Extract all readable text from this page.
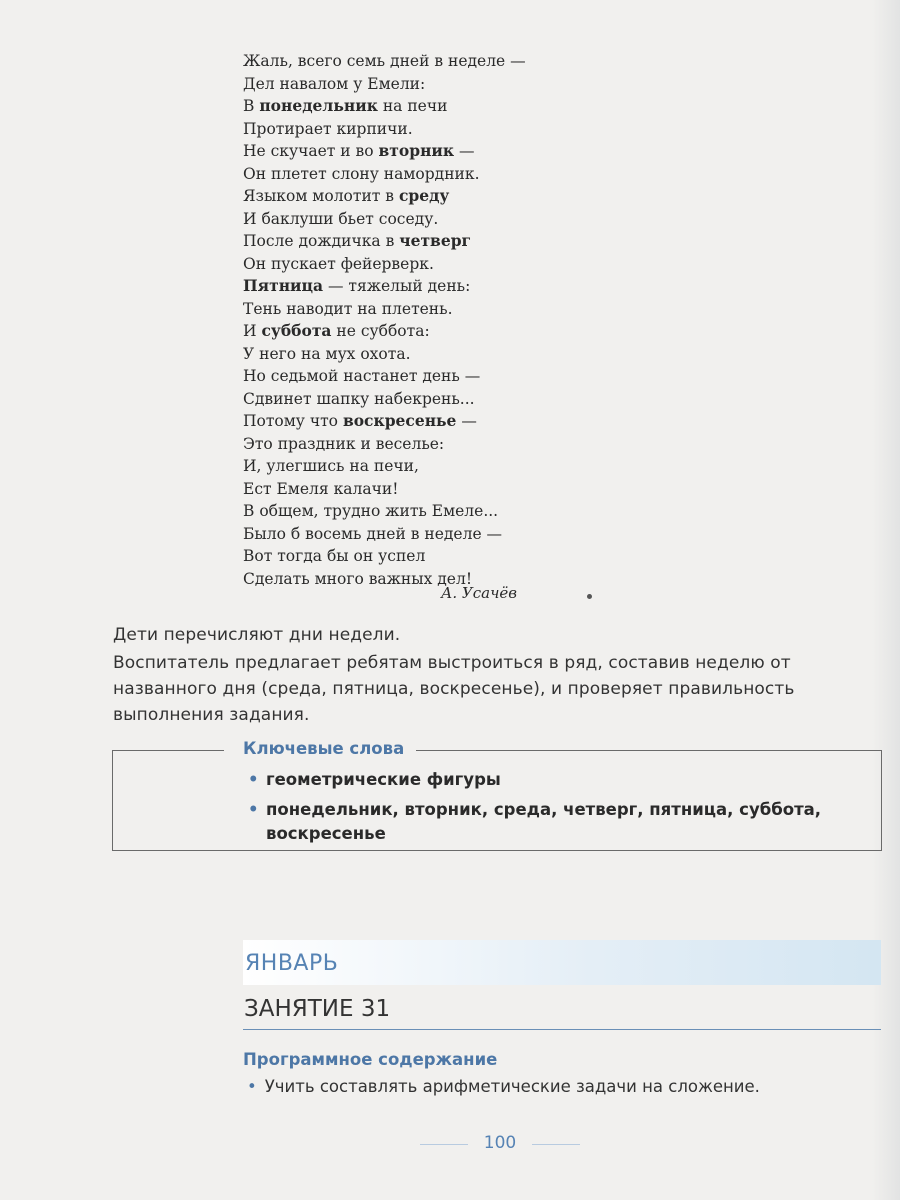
Жаль, всего семь дней в неделе —
Дел навалом у Емели:
В понедельник на печи
Протирает кирпичи.
Не скучает и во вторник —
Он плетет слону намордник.
Языком молотит в среду
И баклуши бьет соседу.
После дождичка в четверг
Он пускает фейерверк.
Пятница — тяжелый день:
Тень наводит на плетень.
И суббота не суббота:
У него на мух охота.
Но седьмой настанет день —
Сдвинет шапку набекрень...
Потому что воскресенье —
Это праздник и веселье:
И, улегшись на печи,
Ест Емеля калачи!
В общем, трудно жить Емеле...
Было б восемь дней в неделе —
Вот тогда бы он успел
Сделать много важных дел!
А. Усачёв
Дети перечисляют дни недели.
Воспитатель предлагает ребятам выстроиться в ряд, составив неделю от названного дня (среда, пятница, воскресенье), и проверяет правильность выполнения задания.
Ключевые слова
• геометрические фигуры
• понедельник, вторник, среда, четверг, пятница, суббота, воскресенье
ЯНВАРЬ
ЗАНЯТИЕ 31
Программное содержание
• Учить составлять арифметические задачи на сложение.
100
